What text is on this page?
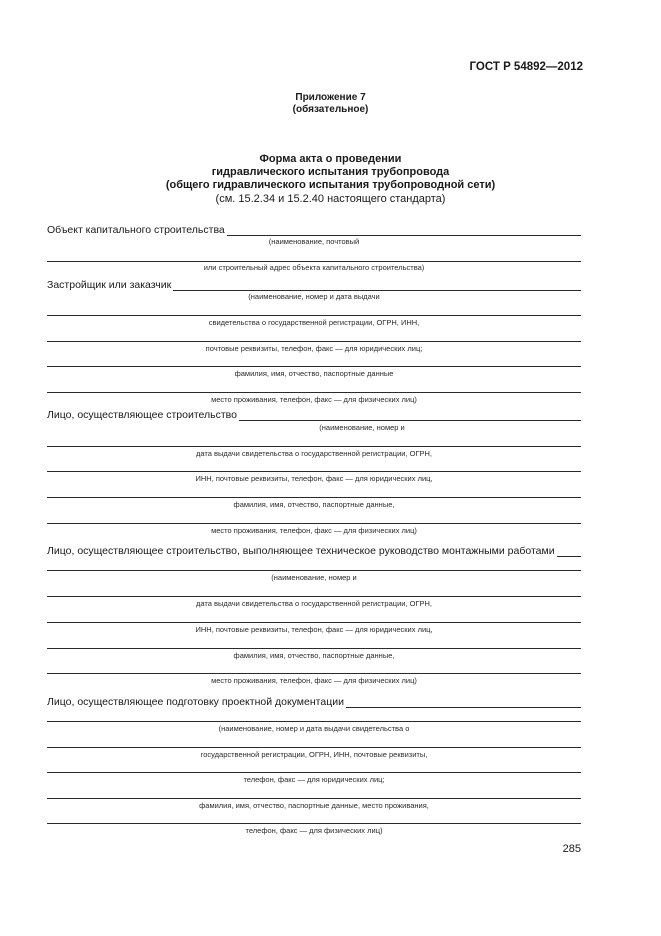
ГОСТ Р 54892—2012
Приложение 7
(обязательное)
Форма акта о проведении
гидравлического испытания трубопровода
(общего гидравлического испытания трубопроводной сети)
(см. 15.2.34 и 15.2.40 настоящего стандарта)
Объект капитального строительства
(наименование, почтовый
или строительный адрес объекта капитального строительства)
Застройщик или заказчик
(наименование, номер и дата выдачи
свидетельства о государственной регистрации, ОГРН, ИНН,
почтовые реквизиты, телефон, факс — для юридических лиц;
фамилия, имя, отчество, паспортные данные
место проживания, телефон, факс — для физических лиц)
Лицо, осуществляющее строительство
(наименование, номер и
дата выдачи свидетельства о государственной регистрации, ОГРН,
ИНН, почтовые реквизиты, телефон, факс — для юридических лиц,
фамилия, имя, отчество, паспортные данные,
место проживания, телефон, факс — для физических лиц)
Лицо, осуществляющее строительство, выполняющее техническое руководство монтажными работами
(наименование, номер и
дата выдачи свидетельства о государственной регистрации, ОГРН,
ИНН, почтовые реквизиты, телефон, факс — для юридических лиц,
фамилия, имя, отчество, паспортные данные,
место проживания, телефон, факс — для физических лиц)
Лицо, осуществляющее подготовку проектной документации
(наименование, номер и дата выдачи свидетельства о
государственной регистрации, ОГРН, ИНН, почтовые реквизиты,
телефон, факс — для юридических лиц;
фамилия, имя, отчество, паспортные данные, место проживания,
телефон, факс — для физических лиц)
285
